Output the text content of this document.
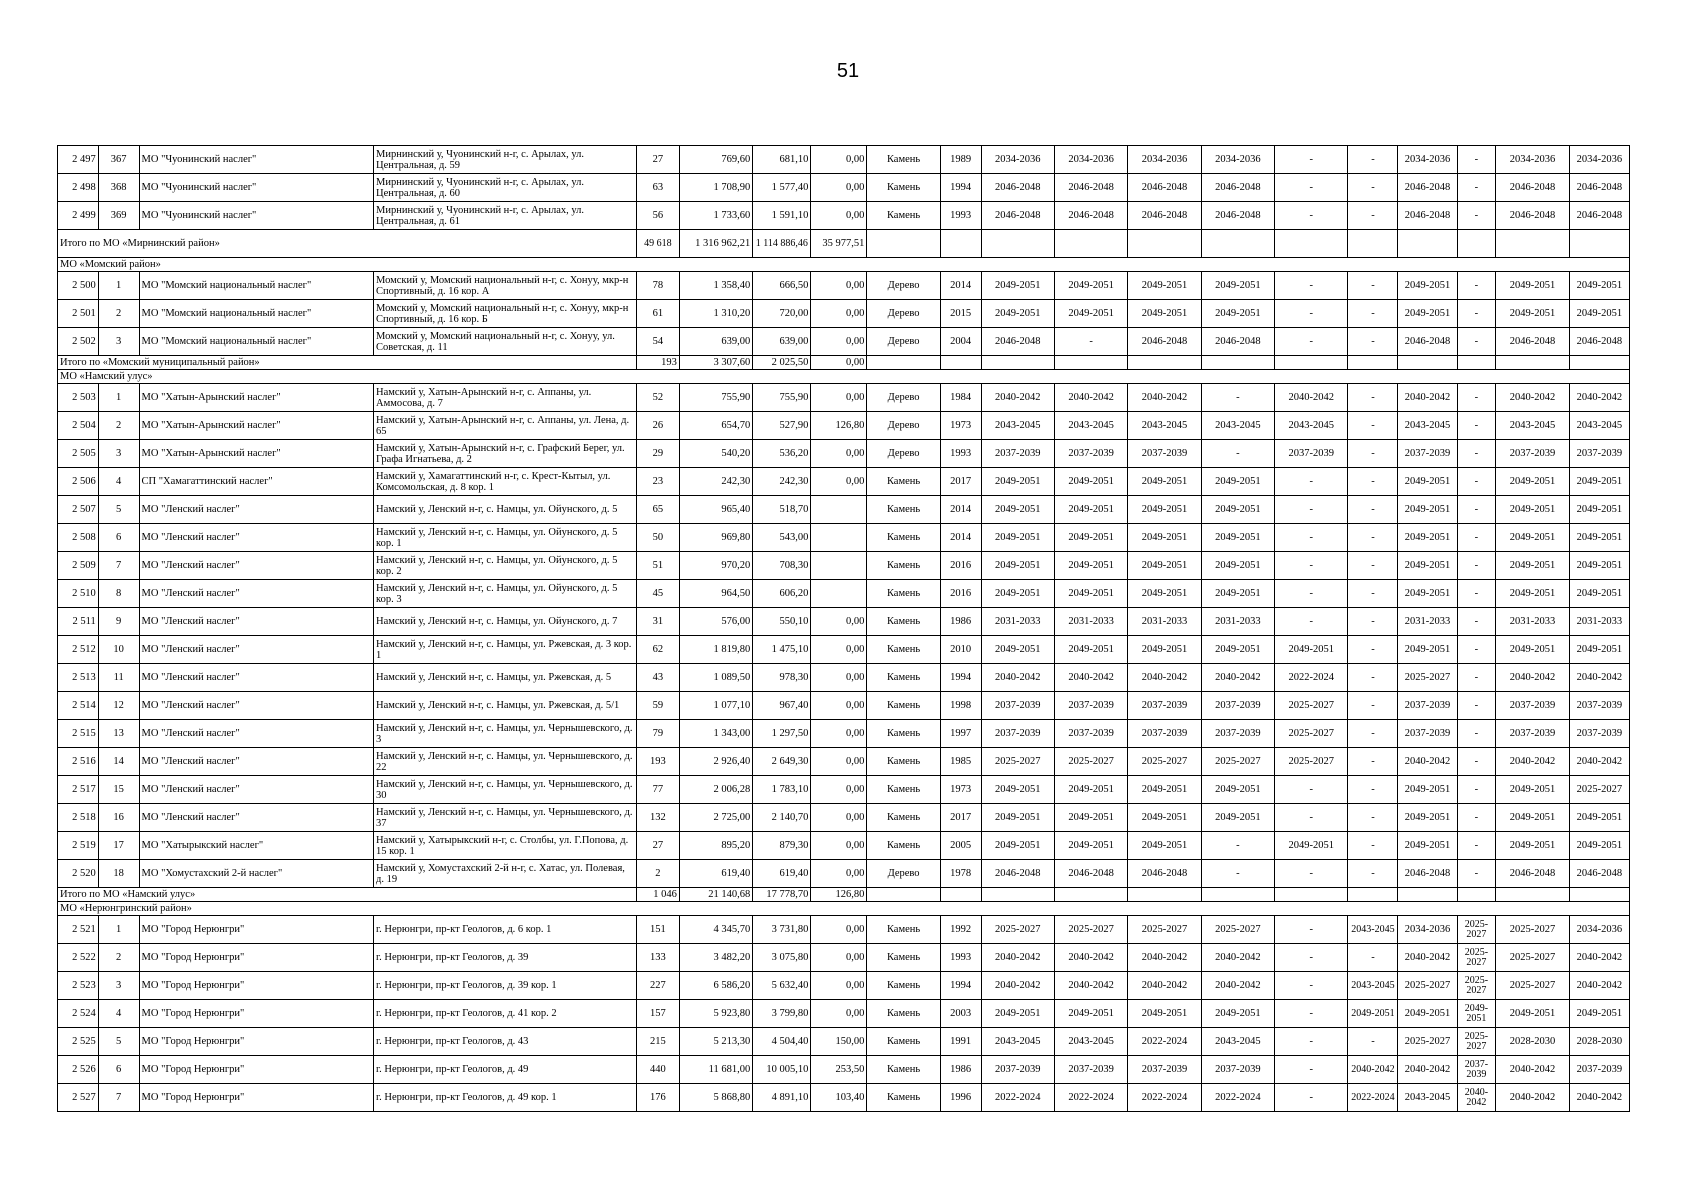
51
2 497	367	МО "Чуонинский наслег"	Мирнинский у, Чуонинский н-г, с. Арылах, ул. Центральная, д. 59	27	769,60	681,10	0,00	Камень	1989	2034-2036	2034-2036	2034-2036	2034-2036	-	-	2034-2036	-	2034-2036	2034-2036
2 498	368	МО "Чуонинский наслег"	Мирнинский у, Чуонинский н-г, с. Арылах, ул. Центральная, д. 60	63	1 708,90	1 577,40	0,00	Камень	1994	2046-2048	2046-2048	2046-2048	2046-2048	-	-	2046-2048	-	2046-2048	2046-2048
2 499	369	МО "Чуонинский наслег"	Мирнинский у, Чуонинский н-г, с. Арылах, ул. Центральная, д. 61	56	1 733,60	1 591,10	0,00	Камень	1993	2046-2048	2046-2048	2046-2048	2046-2048	-	-	2046-2048	-	2046-2048	2046-2048
Итого по МО «Мирнинский район»				49 618	1 316 962,21	1 114 886,46	35 977,51												
МО «Момский район»																			
2 500	1	МО "Момский национальный наслег"	Момский у, Момский национальный н-г, с. Хонуу, мкр-н Спортивный, д. 16 кор. А	78	1 358,40	666,50	0,00	Дерево	2014	2049-2051	2049-2051	2049-2051	2049-2051	-	-	2049-2051	-	2049-2051	2049-2051
2 501	2	МО "Момский национальный наслег"	Момский у, Момский национальный н-г, с. Хонуу, мкр-н Спортивный, д. 16 кор. Б	61	1 310,20	720,00	0,00	Дерево	2015	2049-2051	2049-2051	2049-2051	2049-2051	-	-	2049-2051	-	2049-2051	2049-2051
2 502	3	МО "Момский национальный наслег"	Момский у, Момский национальный н-г, с. Хонуу, ул. Советская, д. 11	54	639,00	639,00	0,00	Дерево	2004	2046-2048	-	2046-2048	2046-2048	-	-	2046-2048	-	2046-2048	2046-2048
Итого по «Момский муниципальный район»				193	3 307,60	2 025,50	0,00												
МО «Намский улус»																			
2 503	1	МО "Хатын-Арынский наслег"	Намский у, Хатын-Арынский н-г, с. Аппаны, ул. Аммосова, д. 7	52	755,90	755,90	0,00	Дерево	1984	2040-2042	2040-2042	2040-2042	-	2040-2042	-	2040-2042	-	2040-2042	2040-2042
2 504	2	МО "Хатын-Арынский наслег"	Намский у, Хатын-Арынский н-г, с. Аппаны, ул. Лена, д. 65	26	654,70	527,90	126,80	Дерево	1973	2043-2045	2043-2045	2043-2045	2043-2045	2043-2045	-	2043-2045	-	2043-2045	2043-2045
2 505	3	МО "Хатын-Арынский наслег"	Намский у, Хатын-Арынский н-г, с. Графский Берег, ул. Графа Игнатьева, д. 2	29	540,20	536,20	0,00	Дерево	1993	2037-2039	2037-2039	2037-2039	-	2037-2039	-	2037-2039	-	2037-2039	2037-2039
2 506	4	СП "Хамагаттинский наслег"	Намский у, Хамагаттинский н-г, с. Крест-Кытыл, ул. Комсомольская, д. 8 кор. 1	23	242,30	242,30	0,00	Камень	2017	2049-2051	2049-2051	2049-2051	2049-2051	-	-	2049-2051	-	2049-2051	2049-2051
2 507	5	МО "Ленский наслег"	Намский у, Ленский н-г, с. Намцы, ул. Ойунского, д. 5	65	965,40	518,70		Камень	2014	2049-2051	2049-2051	2049-2051	2049-2051	-	-	2049-2051	-	2049-2051	2049-2051
2 508	6	МО "Ленский наслег"	Намский у, Ленский н-г, с. Намцы, ул. Ойунского, д. 5 кор. 1	50	969,80	543,00		Камень	2014	2049-2051	2049-2051	2049-2051	2049-2051	-	-	2049-2051	-	2049-2051	2049-2051
2 509	7	МО "Ленский наслег"	Намский у, Ленский н-г, с. Намцы, ул. Ойунского, д. 5 кор. 2	51	970,20	708,30		Камень	2016	2049-2051	2049-2051	2049-2051	2049-2051	-	-	2049-2051	-	2049-2051	2049-2051
2 510	8	МО "Ленский наслег"	Намский у, Ленский н-г, с. Намцы, ул. Ойунского, д. 5 кор. 3	45	964,50	606,20		Камень	2016	2049-2051	2049-2051	2049-2051	2049-2051	-	-	2049-2051	-	2049-2051	2049-2051
2 511	9	МО "Ленский наслег"	Намский у, Ленский н-г, с. Намцы, ул. Ойунского, д. 7	31	576,00	550,10	0,00	Камень	1986	2031-2033	2031-2033	2031-2033	2031-2033	-	-	2031-2033	-	2031-2033	2031-2033
2 512	10	МО "Ленский наслег"	Намский у, Ленский н-г, с. Намцы, ул. Ржевская, д. 3 кор. 1	62	1 819,80	1 475,10	0,00	Камень	2010	2049-2051	2049-2051	2049-2051	2049-2051	2049-2051	-	2049-2051	-	2049-2051	2049-2051
2 513	11	МО "Ленский наслег"	Намский у, Ленский н-г, с. Намцы, ул. Ржевская, д. 5	43	1 089,50	978,30	0,00	Камень	1994	2040-2042	2040-2042	2040-2042	2040-2042	2022-2024	-	2025-2027	-	2040-2042	2040-2042
2 514	12	МО "Ленский наслег"	Намский у, Ленский н-г, с. Намцы, ул. Ржевская, д. 5/1	59	1 077,10	967,40	0,00	Камень	1998	2037-2039	2037-2039	2037-2039	2037-2039	2025-2027	-	2037-2039	-	2037-2039	2037-2039
2 515	13	МО "Ленский наслег"	Намский у, Ленский н-г, с. Намцы, ул. Чернышевского, д. 3	79	1 343,00	1 297,50	0,00	Камень	1997	2037-2039	2037-2039	2037-2039	2037-2039	2025-2027	-	2037-2039	-	2037-2039	2037-2039
2 516	14	МО "Ленский наслег"	Намский у, Ленский н-г, с. Намцы, ул. Чернышевского, д. 22	193	2 926,40	2 649,30	0,00	Камень	1985	2025-2027	2025-2027	2025-2027	2025-2027	2025-2027	-	2040-2042	-	2040-2042	2040-2042
2 517	15	МО "Ленский наслег"	Намский у, Ленский н-г, с. Намцы, ул. Чернышевского, д. 30	77	2 006,28	1 783,10	0,00	Камень	1973	2049-2051	2049-2051	2049-2051	2049-2051	-	-	2049-2051	-	2049-2051	2025-2027
2 518	16	МО "Ленский наслег"	Намский у, Ленский н-г, с. Намцы, ул. Чернышевского, д. 37	132	2 725,00	2 140,70	0,00	Камень	2017	2049-2051	2049-2051	2049-2051	2049-2051	-	-	2049-2051	-	2049-2051	2049-2051
2 519	17	МО "Хатырыкский наслег"	Намский у, Хатырыкский н-г, с. Столбы, ул. Г.Попова, д. 15 кор. 1	27	895,20	879,30	0,00	Камень	2005	2049-2051	2049-2051	2049-2051	-	2049-2051	-	2049-2051	-	2049-2051	2049-2051
2 520	18	МО "Хомустахский 2-й наслег"	Намский у, Хомустахский 2-й н-г, с. Хатас, ул. Полевая, д. 19	2	619,40	619,40	0,00	Дерево	1978	2046-2048	2046-2048	2046-2048	-	-	-	2046-2048	-	2046-2048	2046-2048
Итого по МО «Намский улус»				1 046	21 140,68	17 778,70	126,80												
МО «Нерюнгринский район»																			
2 521	1	МО "Город Нерюнгри"	г. Нерюнгри, пр-кт Геологов, д. 6 кор. 1	151	4 345,70	3 731,80	0,00	Камень	1992	2025-2027	2025-2027	2025-2027	2025-2027	-	2043-2045	2034-2036	2025-2027	2025-2027	2034-2036
2 522	2	МО "Город Нерюнгри"	г. Нерюнгри, пр-кт Геологов, д. 39	133	3 482,20	3 075,80	0,00	Камень	1993	2040-2042	2040-2042	2040-2042	2040-2042	-	-	2040-2042	2025-2027	2025-2027	2040-2042
2 523	3	МО "Город Нерюнгри"	г. Нерюнгри, пр-кт Геологов, д. 39 кор. 1	227	6 586,20	5 632,40	0,00	Камень	1994	2040-2042	2040-2042	2040-2042	2040-2042	-	2043-2045	2025-2027	2025-2027	2025-2027	2040-2042
2 524	4	МО "Город Нерюнгри"	г. Нерюнгри, пр-кт Геологов, д. 41 кор. 2	157	5 923,80	3 799,80	0,00	Камень	2003	2049-2051	2049-2051	2049-2051	2049-2051	-	2049-2051	2049-2051	2049-2051	2049-2051	2049-2051
2 525	5	МО "Город Нерюнгри"	г. Нерюнгри, пр-кт Геологов, д. 43	215	5 213,30	4 504,40	150,00	Камень	1991	2043-2045	2043-2045	2022-2024	2043-2045	-	-	2025-2027	2025-2027	2028-2030	2028-2030
2 526	6	МО "Город Нерюнгри"	г. Нерюнгри, пр-кт Геологов, д. 49	440	11 681,00	10 005,10	253,50	Камень	1986	2037-2039	2037-2039	2037-2039	2037-2039	-	2040-2042	2040-2042	2037-2039	2040-2042	2037-2039
2 527	7	МО "Город Нерюнгри"	г. Нерюнгри, пр-кт Геологов, д. 49 кор. 1	176	5 868,80	4 891,10	103,40	Камень	1996	2022-2024	2022-2024	2022-2024	2022-2024	-	2022-2024	2043-2045	2040-2042	2040-2042	2040-2042
